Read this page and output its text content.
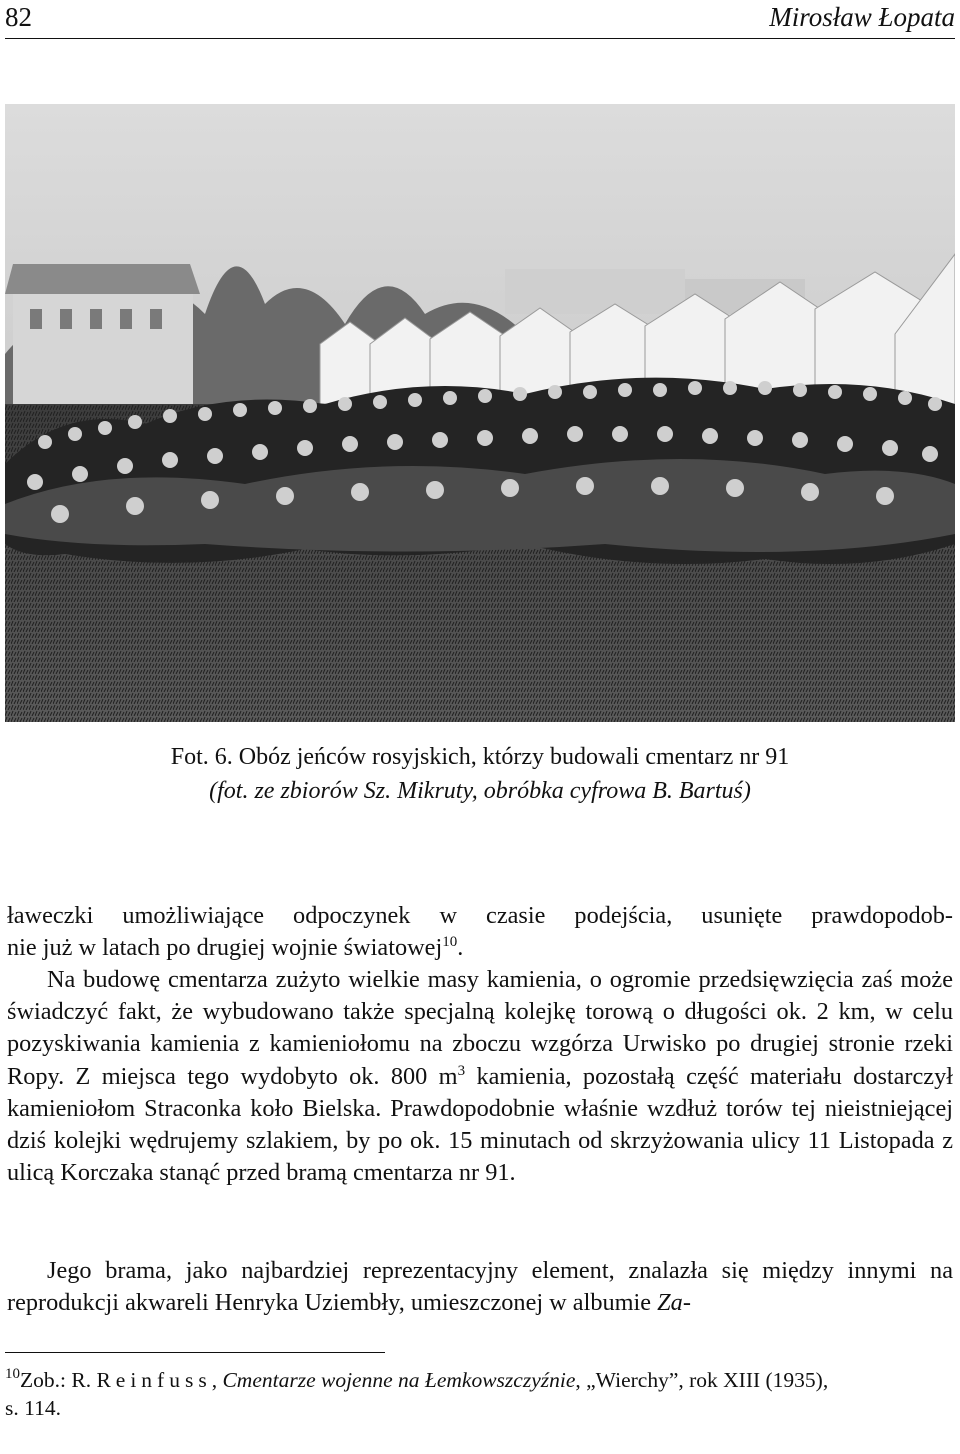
82	Mirosław Łopata
Fot. 6. Obóz jeńców rosyjskich, którzy budowali cmentarz nr 91
(fot. ze zbiorów Sz. Mikruty, obróbka cyfrowa B. Bartuś)

ławeczki umożliwiające odpoczynek w czasie podejścia, usunięte prawdopodob-

nie już w latach po drugiej wojnie światowej$^{10}$.

Na budowę cmentarza zużyto wielkie masy kamienia, o ogromie przedsięwzięcia zaś może świadczyć fakt, że wybudowano także specjalną kolejkę torową o długości ok. 2 km, w celu pozyskiwania kamienia z kamieniołomu na zboczu wzgórza Urwisko po drugiej stronie rzeki Ropy. Z miejsca tego wydobyto ok. 800 $m^3$ kamienia, pozostałą część materiału dostarczył kamieniołom Straconka koło Bielska. Prawdopodobnie właśnie wzdłuż torów tej nieistniejącej dziś kolejki wędrujemy szlakiem, by po ok. 15 minutach od skrzyżowania ulicy 11 Listopada z ulicą Korczaka stanąć przed bramą cmentarza nr 91.

Jego brama, jako najbardziej reprezentacyjny element, znalazła się między innymi na reprodukcji akwareli Henryka Uziembły, umieszczonej w albumie Za-

$^{10}$Zob.: R. Reinfuss, Cmentarze wojenne na Łemkowszczyźnie, „Wierchy”, rok XIII (1935),

s. 114.
